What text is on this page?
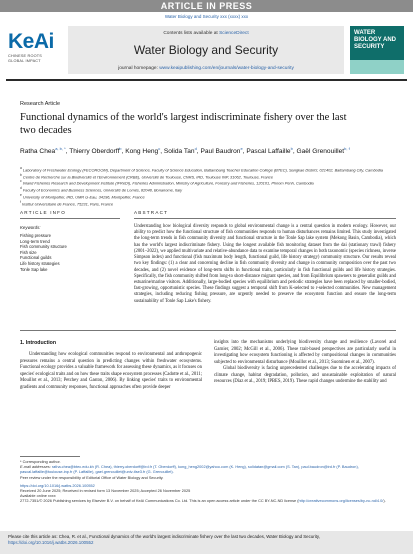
ARTICLE IN PRESS
Water Biology and Security xxx (xxxx) xxx
KeAi
CHINESE ROOTS
GLOBAL IMPACT
Contents lists available at ScienceDirect
Water Biology and Security
journal homepage: www.keaipublishing.com/en/journals/water-biology-and-security
WATER BIOLOGY AND SECURITY
Research Article
Functional dynamics of the world's largest indiscriminate fishery over the last two decades
Ratha Chea$^{a, b, *}$, Thierry Oberdorff$^b$, Kong Heng$^c$, Solida Tan$^d$, Paul Baudron$^e$, Pascal Laffaille$^b$, Gaël Grenouillet$^{b, f}$
$^a$ Laboratory of Freshwater Ecology (FECOROOM), Department of Science, Faculty of Science Education, Battambang Teacher Education College (BTEC), Sangkae District, 021402, Battambang City, Cambodia
$^b$ Centre de Recherche sur la Biodiversité et l'Environnement (CRBE), Université de Toulouse, CNRS, IRD, Toulouse INP, 31062, Toulouse, France
$^c$ Inland Fisheries Research and Development Institute (IFReDI), Fisheries Administration, Ministry of Agriculture, Forestry and Fisheries, 120101, Phnom Penh, Cambodia
$^d$ Faculty of Economics and Business Sciences, Université de Lomés, 82048, Bonanome, Italy
$^e$ University of Montpellier, IRD, UMR G-Eau, 34196, Montpellier, France
$^f$ Institut Universitaire de France, 75231, Paris, France
ARTICLE INFO
Keywords:
Fishing pressure
Long-term trend
Fish community structure
Fish size
Functional guilds
Life history strategies
Tonle Sap lake
ABSTRACT
Understanding how biological diversity responds to global environmental change is a central question in modern ecology. However, our ability to predict how the functional structure of fish communities responds to human disturbances remains limited. This study investigated the long-term trends in fish community diversity and functional structure in the Tonle Sap lake system (Mekong Basin, Cambodia), which has the world's largest indiscriminate fishery. Using the longest available fish monitoring dataset from the dai (stationary trawl) fishery (2001–2022), we applied multivariate and relative-abundance data to examine temporal changes in both taxonomic (species richness, inverse Simpson index) and functional (fish maximum body length, functional guild, life history strategy) community structure. Our results reveal two key findings: (1) a clear and concerning decline in fish community diversity and change in community composition over the past two decades, and (2) novel evidence of long-term shifts in functional traits, particularly in fish functional guilds and life history strategies. Specifically, the fish community shifted from long-to short-distance migrant species, and from Equilibrium spawners to generalist guilds and estuarine/marine visitors. Additionally, large-bodied species with equilibrium and periodic strategies have been replaced by smaller-bodied, fast-growing, opportunistic species. These findings suggest a temporal shift from K-selected to r-selected communities. New management strategies, including reducing fishing pressure, are urgently needed to preserve the ecosystem function and ensure the long-term sustainability of Tonle Sap Lake's fishery.
1. Introduction

Understanding how ecological communities respond to environmental and anthropogenic pressures remains a central question in predicting changes within freshwater ecosystems. Functional ecology provides a valuable framework for assessing these dynamics, as it focuses on species' ecological traits and on how these traits shape ecosystem processes (Cadotte et al., 2011; Mouillot et al., 2013; Petchey and Gaston, 2006). By linking species' traits to environmental gradients and community responses, functional approaches often provide deeper

insights into the mechanisms underlying biodiversity change and resilience (Lavorel and Garnier, 2002; McGill et al., 2006). These trait-based perspectives are particularly useful in investigating how ecosystem functioning is affected by compositional changes in communities subjected to environmental disturbance (Mouillot et al., 2013; Suominen et al., 2007).

Global biodiversity is facing unprecedented challenges due to the accelerating impacts of climate change, habitat degradation, pollution, and unsustainable exploitation of natural resources (Díaz et al., 2019; IPBES, 2019). These rapid changes undermine the stability and

* Corresponding author.
E-mail addresses: ratha.chea@btec.edu.kh (R. Chea), thierry.oberdorff@ird.fr (T. Oberdorff), kong_heng2002@yahoo.com (K. Heng), solidatan@gmail.com (S. Tan), paul.baudron@ird.fr (P. Baudron), pascal.laffaille@toulouse-inp.fr (P. Laffaille), gael.grenouillet@univ-tlse3.fr (G. Grenouillet).
Peer review under the responsibility of Editorial Office of Water Biology and Security.
https://doi.org/10.1016/j.watbs.2026.100552
Received 20 June 2025; Received in revised form 13 November 2025; Accepted 26 November 2025
Available online xxxx
2772-7351/© 2026 Publishing services by Elsevier B.V. on behalf of KeAi Communications Co. Ltd. This is an open access article under the CC BY-NC-ND license (http://creativecommons.org/licenses/by-nc-nd/4.0/).
Please cite this article as: Chea, R. et al., Functional dynamics of the world's largest indiscriminate fishery over the last two decades, Water Biology and Security, https://doi.org/10.1016/j.watbs.2026.100552
